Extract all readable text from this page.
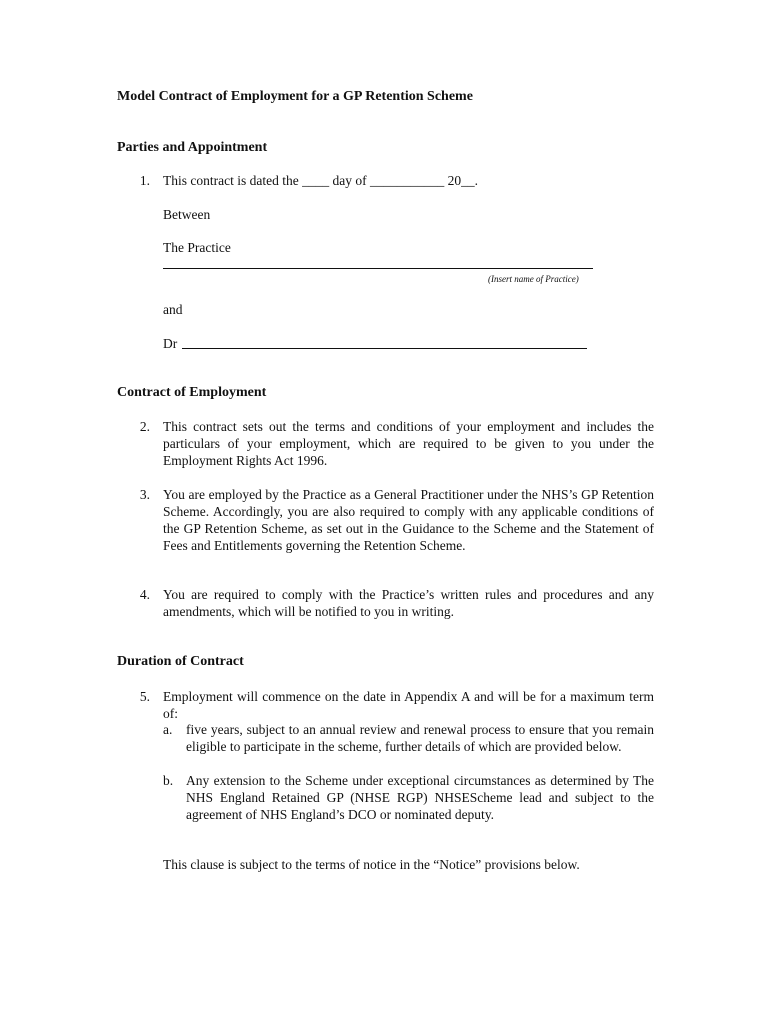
Model Contract of Employment for a GP Retention Scheme
Parties and Appointment
1. This contract is dated the ____ day of ___________ 20__.
Between
The Practice
(Insert name of Practice)
and
Dr
Contract of Employment
2. This contract sets out the terms and conditions of your employment and includes the particulars of your employment, which are required to be given to you under the Employment Rights Act 1996.
3. You are employed by the Practice as a General Practitioner under the NHS’s GP Retention Scheme. Accordingly, you are also required to comply with any applicable conditions of the GP Retention Scheme, as set out in the Guidance to the Scheme and the Statement of Fees and Entitlements governing the Retention Scheme.
4. You are required to comply with the Practice’s written rules and procedures and any amendments, which will be notified to you in writing.
Duration of Contract
5. Employment will commence on the date in Appendix A and will be for a maximum term of:
a.	five years, subject to an annual review and renewal process to ensure that you remain eligible to participate in the scheme, further details of which are provided below.
b. Any extension to the Scheme under exceptional circumstances as determined by The NHS England Retained GP (NHSE RGP) NHSEScheme lead and subject to the agreement of NHS England’s DCO or nominated deputy.
This clause is subject to the terms of notice in the “Notice” provisions below.
